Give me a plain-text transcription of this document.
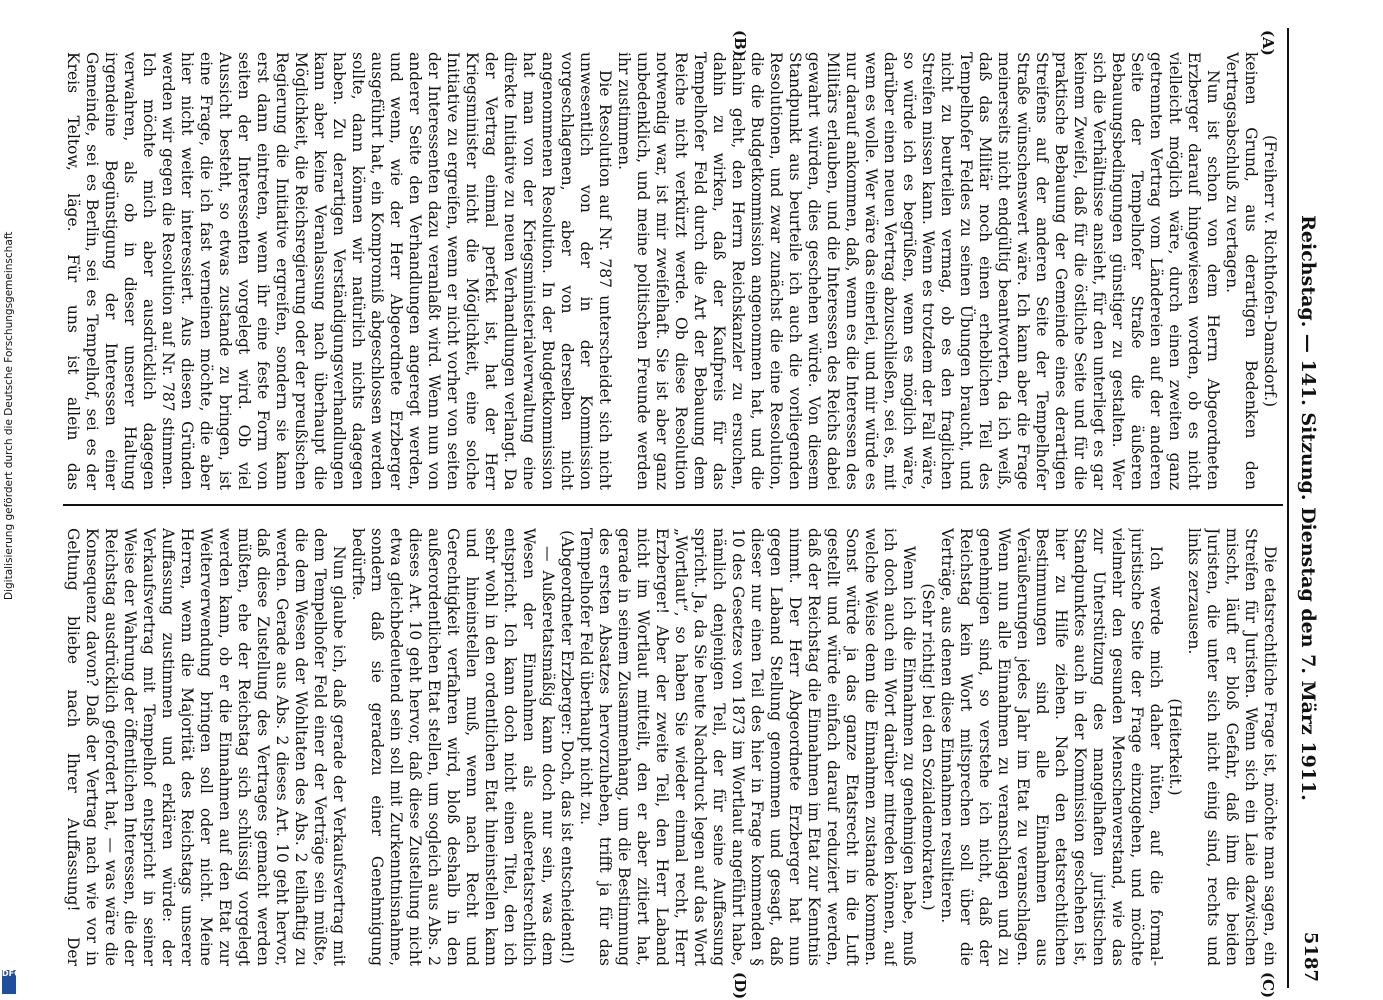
Reichstag. — 141. Sitzung. Dienstag den 7. März 1911.
5187
(A)
(B)
(C)
(D)

(Freiherr v. Richthofen-Damsdorf.)

keinen Grund, aus derartigen Bedenken den Vertragsabschluß zu vertagen.

Nun ist schon von dem Herrn Abgeordneten Erzberger darauf hingewiesen worden, ob es nicht vielleicht möglich wäre, durch einen zweiten ganz getrennten Vertrag vom Ländereien auf der anderen Seite der Tempelhofer Straße die äußeren Bebauungsbedingungen günstiger zu gestalten. Wer sich die Verhältnisse ansieht, für den unterliegt es gar keinem Zweifel, daß für die östliche Seite und für die praktische Bebauung der Gemeinde eines derartigen Streifens auf der anderen Seite der Tempelhofer Straße wünschenswert wäre. Ich kann aber die Frage meinerseits nicht endgültig beantworten, da ich weiß, daß das Militär noch einen erheblichen Teil des Tempelhofer Feldes zu seinen Übungen braucht, und nicht zu beurteilen vermag, ob es den fraglichen Streifen missen kann. Wenn es trotzdem der Fall wäre, so würde ich es begrüßen, wenn es möglich wäre, darüber einen neuen Vertrag abzuschließen, sei es, mit wem es wolle. Wer wäre das einerlei, und mir würde es nur darauf ankommen, daß, wenn es die Interessen des Militärs erlauben, und die Interessen des Reichs dabei gewahrt würden, dies geschehen würde. Von diesem Standpunkt aus beurteile ich auch die vorliegenden Resolutionen, und zwar zunächst die eine Resolution, die die Budgetkommission angenommen hat, und die dahin geht, den Herrn Reichskanzler zu ersuchen, dahin zu wirken, daß der Kaufpreis für das Tempelhofer Feld durch die Art der Bebauung dem Reiche nicht verkürzt werde. Ob diese Resolution notwendig war, ist mir zweifelhaft. Sie ist aber ganz unbedenklich, und meine politischen Freunde werden ihr zustimmen.

Die Resolution auf Nr. 787 unterscheidet sich nicht unwesentlich von der in der Kommission vorgeschlagenen, aber von derselben nicht angenommenen Resolution. In der Budgetkommission hat man von der Kriegsministerialverwaltung eine direkte Initiative zu neuen Verhandlungen verlangt. Da der Vertrag einmal perfekt ist, hat der Herr Kriegsminister nicht die Möglichkeit, eine solche Initiative zu ergreifen, wenn er nicht vorher von seiten der Interessenten dazu veranlaßt wird. Wenn nun von anderer Seite den Verhandlungen angeregt werden, und wenn, wie der Herr Abgeordnete Erzberger ausgeführt hat, ein Kompromiß abgeschlossen werden sollte, dann können wir natürlich nichts dagegen haben. Zu derartigen Verständigungsverhandlungen kann aber keine Veranlassung nach überhaupt die Möglichkeit, die Reichsregierung oder der preußischen Regierung die Initiative ergreifen, sondern sie kann erst dann eintreten, wenn ihr eine feste Form von seiten der Interessenten vorgelegt wird. Ob viel Aussicht besteht, so etwas zustande zu bringen, ist eine Frage, die ich fast verneinen möchte, die aber hier nicht weiter interessiert. Aus diesen Gründen werden wir gegen die Resolution auf Nr. 787 stimmen. Ich möchte mich aber ausdrücklich dagegen verwahren, als ob in dieser unserer Haltung irgendeine Begünstigung der Interessen einer Gemeinde, sei es Berlin, sei es Tempelhof, sei es der Kreis Teltow, läge. Für uns ist allein das

Die etatsrechtliche Frage ist, möchte man sagen, ein Streifen für Juristen. Wenn sich ein Laie dazwischen mischt, läuft er bloß Gefahr, daß ihm die beiden Juristen, die unter sich nicht einig sind, rechts und links zerzausen.

(Heiterkeit.)

Ich werde mich daher hüten, auf die formal-juristische Seite der Frage einzugehen, und möchte vielmehr den gesunden Menschenverstand, wie das zur Unterstützung des mangelhaften juristischen Standpunktes auch in der Kommission geschehen ist, hier zu Hilfe ziehen. Nach den etatsrechtlichen Bestimmungen sind alle Einnahmen aus Veräußerungen jedes Jahr im Etat zu veranschlagen. Wenn nun alle Einnahmen zu veranschlagen und zu genehmigen sind, so verstehe ich nicht, daß der Reichstag kein Wort mitsprechen soll über die Verträge, aus denen diese Einnahmen resultieren.

(Sehr richtig! bei den Sozialdemokraten.)

Wenn ich die Einnahmen zu genehmigen habe, muß ich doch auch ein Wort darüber mitreden können, auf welche Weise denn die Einnahmen zustande kommen. Sonst würde ja das ganze Etatsrecht in die Luft gestellt und würde einfach darauf reduziert werden, daß der Reichstag die Einnahmen im Etat zur Kenntnis nimmt. Der Herr Abgeordnete Erzberger hat nun gegen Laband Stellung genommen und gesagt, daß dieser nur einen Teil des hier in Frage kommenden § 10 des Gesetzes von 1873 im Wortlaut angeführt habe, nämlich denjenigen Teil, der für seine Auffassung spricht. Ja, da Sie heute Nachdruck legen auf das Wort „Wortlaut“, so haben Sie wieder einmal recht, Herr Erzberger! Aber der zweite Teil, den Herr Laband nicht im Wortlaut mitteilt, den er aber zitiert hat, gerade in seinem Zusammenhang, um die Bestimmung des ersten Absatzes hervorzuheben, trifft ja für das Tempelhofer Feld überhaupt nicht zu.

(Abgeordneter Erzberger: Doch, das ist entscheidend!)

— Außeretatsmäßig kann doch nur sein, was dem Wesen der Einnahmen als außeretatsrechtlich entspricht. Ich kann doch nicht einen Titel, den ich sehr wohl in den ordentlichen Etat hineinstellen kann und hineinstellen muß, wenn nach Recht und Gerechtigkeit verfahren wird, bloß deshalb in den außerordentlichen Etat stellen, um sogleich aus Abs. 2 dieses Art. 10 geht hervor, daß diese Zustellung nicht etwa gleichbedeutend sein soll mit Zurkenntnisnahme, sondern daß sie geradezu einer Genehmigung bedürfte.

Nun glaube ich, daß gerade der Verkaufsvertrag mit dem Tempelhofer Feld einer der Verträge sein müßte, die dem Wesen der Wohltaten des Abs. 2 teilhaftig zu werden. Gerade aus Abs. 2 dieses Art. 10 geht hervor, daß diese Zustellung des Vertrages gemacht werden müßten, ehe der Reichstag sich schlüssig vorgelegt werden kann, ob er die Einnahmen auf den Etat zur Weiterverwendung bringen soll oder nicht. Meine Herren, wenn die Majorität des Reichstags unserer Auffassung zustimmen und erklären würde: der Verkaufsvertrag mit Tempelhof entspricht in seiner Weise der Wahrung der öffentlichen Interessen, die der Reichstag ausdrücklich gefordert hat, — was wäre die Konsequenz davon? Daß der Vertrag nach wie vor in Geltung bliebe nach Ihrer Auffassung! Der

Digitalisierung gefördert durch die Deutsche Forschungsgemeinschaft
DFG
